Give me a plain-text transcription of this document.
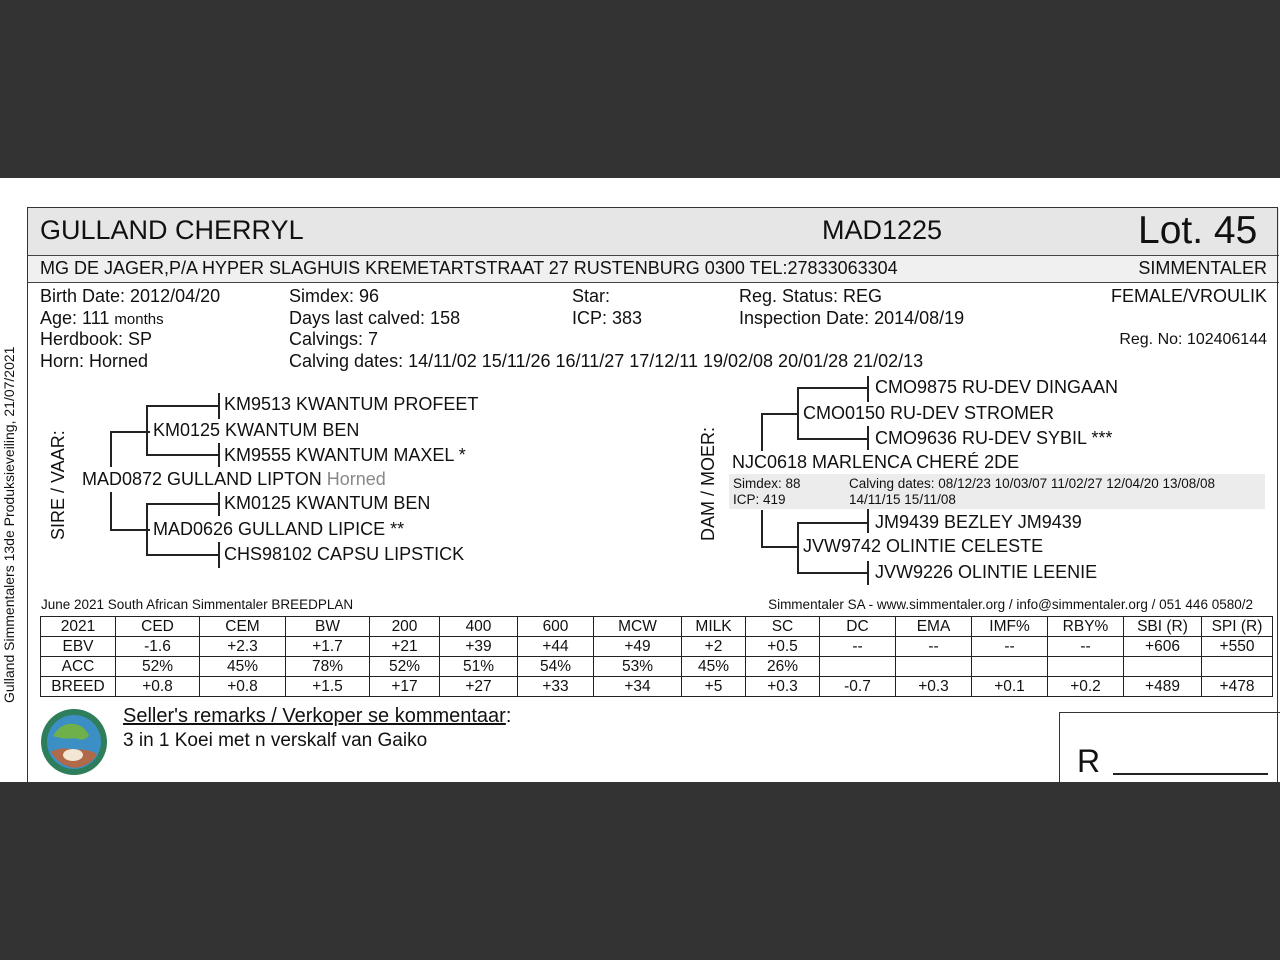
Gulland Simmentalers 13de Produksieveiling, 21/07/2021
GULLAND CHERRYL	MAD1225	Lot. 45
MG DE JAGER,P/A HYPER SLAGHUIS KREMETARTSTRAAT 27 RUSTENBURG 0300 TEL:27833063304	SIMMENTALER
Birth Date: 2012/04/20
Age: 111 months
Herdbook: SP
Horn: Horned
Simdex: 96
Days last calved: 158
Calvings: 7
Calving dates: 14/11/02 15/11/26 16/11/27 17/12/11 19/02/08 20/01/28 21/02/13
Star:
ICP: 383
Reg. Status: REG
Inspection Date: 2014/08/19
FEMALE/VROULIK
Reg. No: 102406144
SIRE / VAAR:
KM9513 KWANTUM PROFEET
KM0125 KWANTUM BEN
KM9555 KWANTUM MAXEL *
MAD0872 GULLAND LIPTON Horned
KM0125 KWANTUM BEN
MAD0626 GULLAND LIPICE **
CHS98102 CAPSU LIPSTICK
DAM / MOER:
CMO9875 RU-DEV DINGAAN
CMO0150 RU-DEV STROMER
CMO9636 RU-DEV SYBIL ***
NJC0618 MARLENCA CHERÉ 2DE
Simdex: 88
ICP: 419
Calving dates: 08/12/23 10/03/07 11/02/27 12/04/20 13/08/08
14/11/15 15/11/08
JM9439 BEZLEY JM9439
JVW9742 OLINTIE CELESTE
JVW9226 OLINTIE LEENIE
June 2021 South African Simmentaler BREEDPLAN	Simmentaler SA - www.simmentaler.org / info@simmentaler.org / 051 446 0580/2
2021	CED	CEM	BW	200	400	600	MCW	MILK	SC	DC	EMA	IMF%	RBY%	SBI (R)	SPI (R)
EBV	-1.6	+2.3	+1.7	+21	+39	+44	+49	+2	+0.5	--	--	--	--	+606	+550
ACC	52%	45%	78%	52%	51%	54%	53%	45%	26%						
BREED	+0.8	+0.8	+1.5	+17	+27	+33	+34	+5	+0.3	-0.7	+0.3	+0.1	+0.2	+489	+478
Seller's remarks / Verkoper se kommentaar:
3 in 1 Koei met n verskalf van Gaiko
R
